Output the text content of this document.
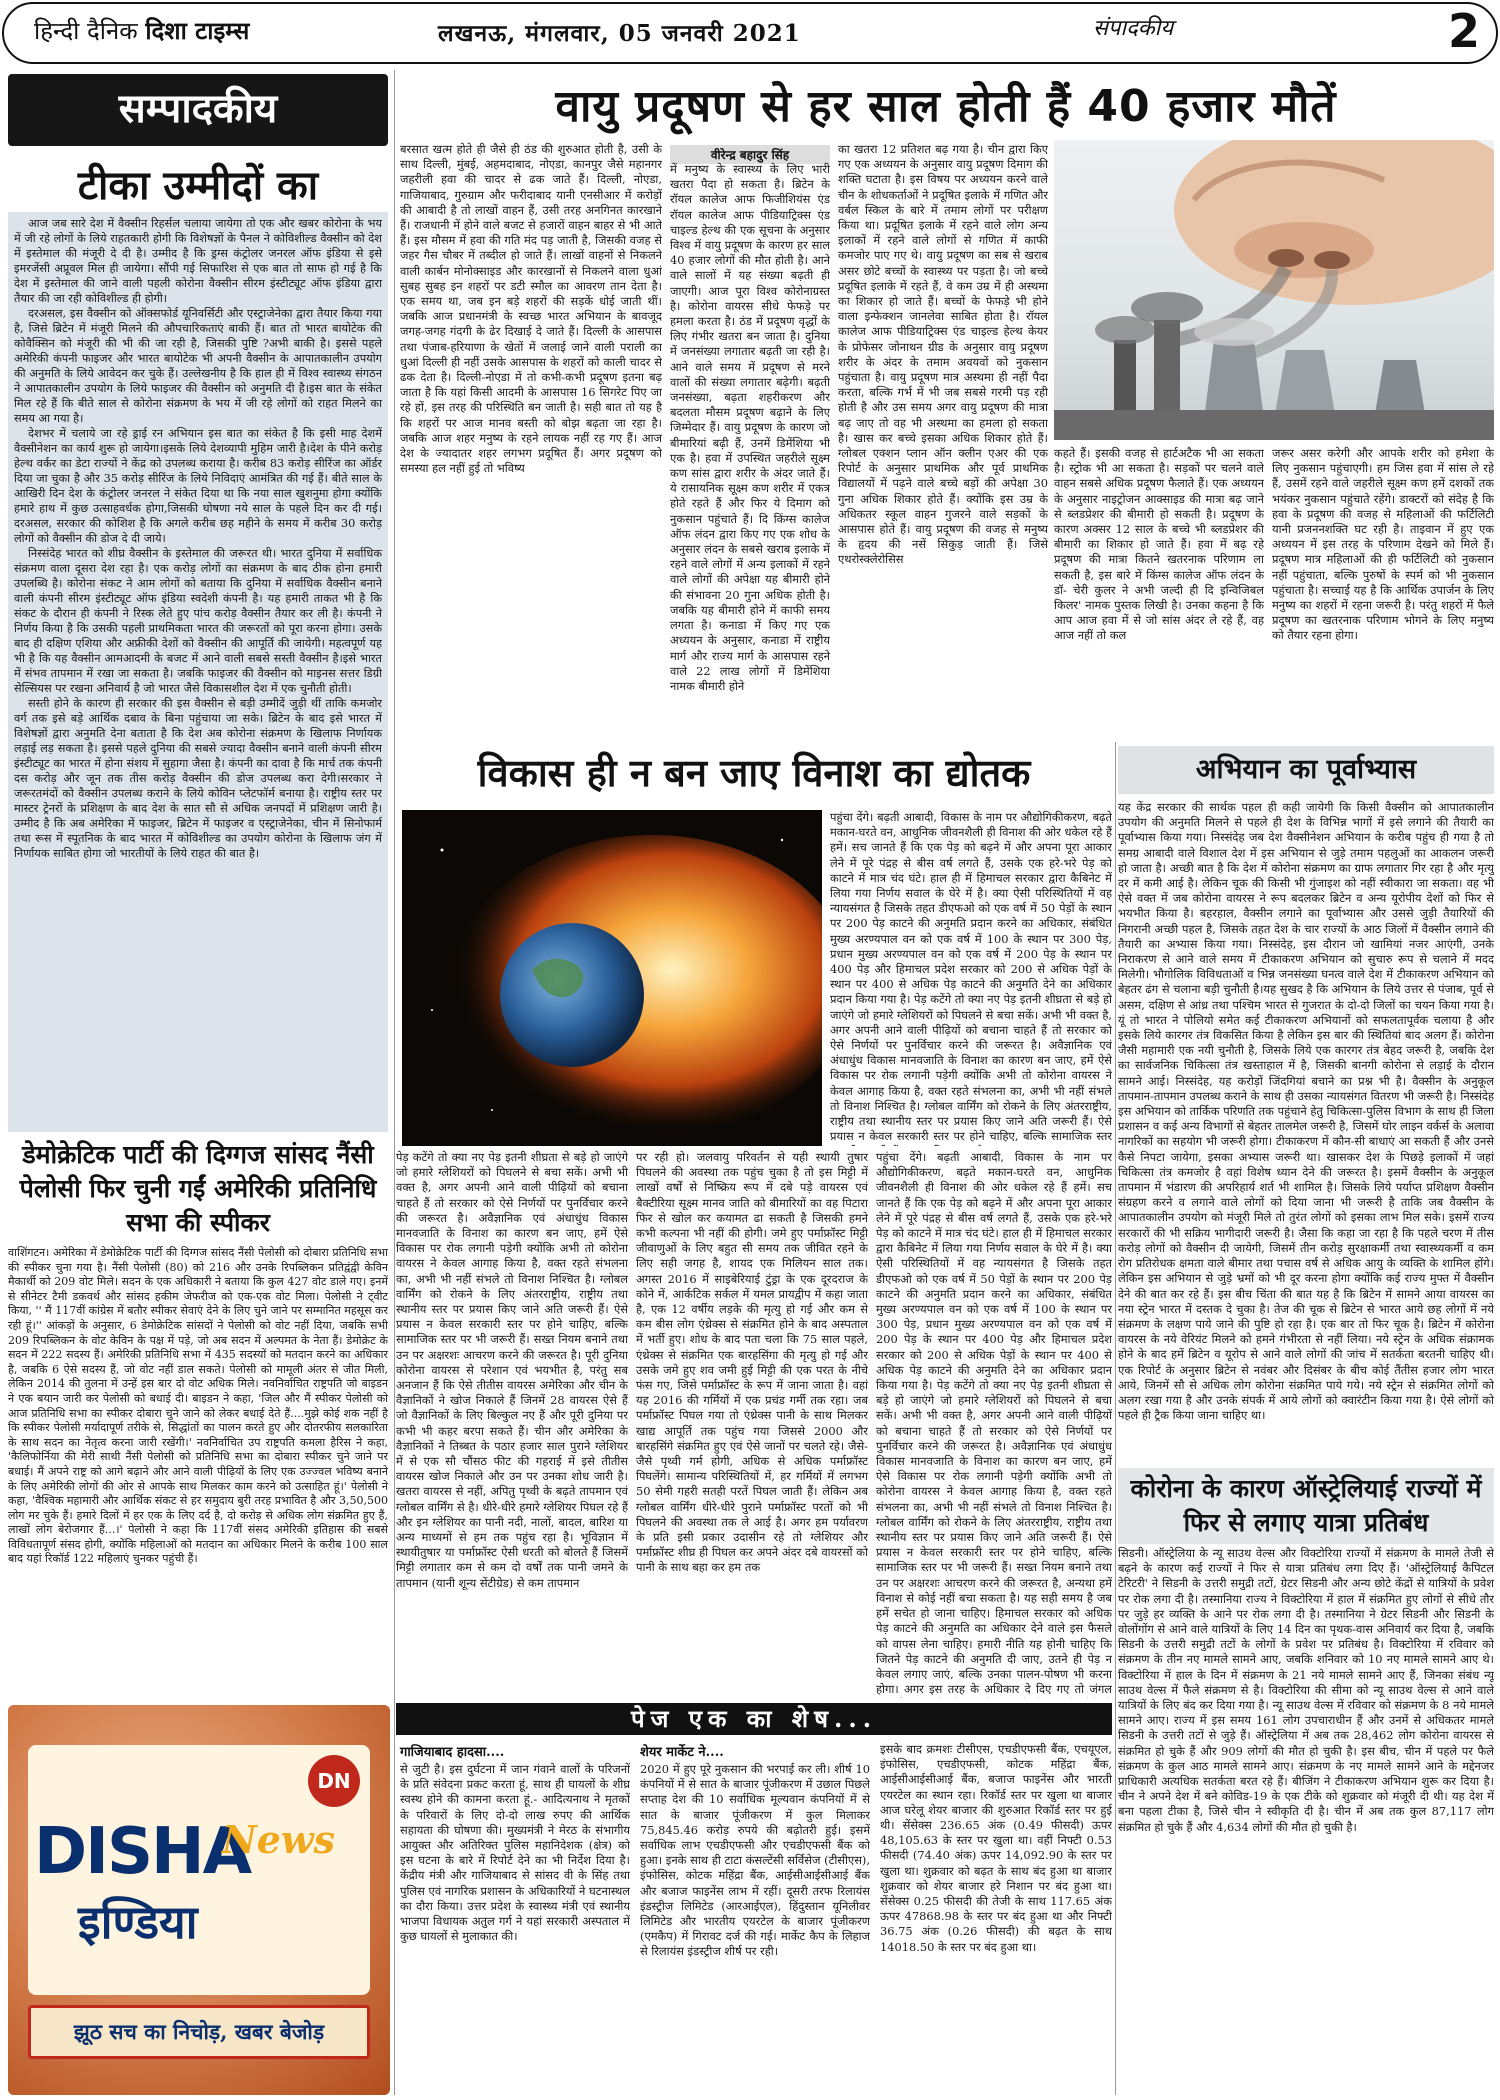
हिन्दी दैनिक दिशा टाइम्स	लखनऊ, मंगलवार, 05 जनवरी 2021	संपादकीय	2
सम्पादकीय	वायु प्रदूषण से हर साल होती हैं 40 हजार मौतें
टीका उम्मीदों का

आज जब सारे देश में वैक्सीन रिहर्सल चलाया जायेगा तो एक और खबर कोरोना के भय में जी रहे लोगों के लिये राहतकारी होगी कि विशेषज्ञों के पैनल ने कोविशील्ड वैक्सीन को देश में इस्तेमाल की मंजूरी दे दी है। उम्मीद है कि ड्रग्स कंट्रोलर जनरल ऑफ इंडिया से इसे इमरजेंसी अप्रूवल मिल ही जायेगा। सौंपी गई सिफारिश से एक बात तो साफ हो गई है कि देश में इस्तेमाल की जाने वाली पहली कोरोना वैक्सीन सीरम इंस्टीट्यूट ऑफ इंडिया द्वारा तैयार की जा रही कोविशील्ड ही होगी।

दरअसल, इस वैक्सीन को ऑक्सफोर्ड यूनिवर्सिटी और एस्ट्राजेनेका द्वारा तैयार किया गया है, जिसे ब्रिटेन में मंजूरी मिलने की औपचारिकताएं बाकी हैं। बात तो भारत बायोटेक की कोवैक्सिन को मंजूरी की भी की जा रही है, जिसकी पुष्टि ?अभी बाकी है। इससे पहले अमेरिकी कंपनी फाइजर और भारत बायोटेक भी अपनी वैक्सीन के आपातकालीन उपयोग की अनुमति के लिये आवेदन कर चुके हैं। उल्लेखनीय है कि हाल ही में विश्व स्वास्थ्य संगठन ने आपातकालीन उपयोग के लिये फाइजर की वैक्सीन को अनुमति दी है।इस बात के संकेत मिल रहे हैं कि बीते साल से कोरोना संक्रमण के भय में जी रहे लोगों को राहत मिलने का समय आ गया है।

देशभर में चलाये जा रहे ड्राई रन अभियान इस बात का संकेत है कि इसी माह देशमें वैक्सीनेशन का कार्य शुरू हो जायेगा।इसके लिये देशव्यापी मुहिम जारी है।देश के पीने करोड़ हेल्थ वर्कर का डेटा राज्यों ने केंद्र को उपलब्ध कराया है। करीब 83 करोड़ सीरिंज का ऑर्डर दिया जा चुका है और 35 करोड़ सीरिंज के लिये निविदाएं आमंत्रित की गई हैं। बीते साल के आखिरी दिन देश के कंट्रोलर जनरल ने संकेत दिया था कि नया साल खुशनुमा होगा क्योंकि हमारे हाथ में कुछ उत्साहवर्धक होगा,जिसकी घोषणा नये साल के पहले दिन कर दी गई। दरअसल, सरकार की कोशिश है कि अगले करीब छह महीने के समय में करीब 30 करोड़ लोगों को वैक्सीन की डोज दे दी जाये।

निस्संदेह भारत को शीघ्र वैक्सीन के इस्तेमाल की जरूरत थी। भारत दुनिया में सर्वाधिक संक्रमण वाला दूसरा देश रहा है। एक करोड़ लोगों का संक्रमण के बाद ठीक होना हमारी उपलब्धि है। कोरोना संकट ने आम लोगों को बताया कि दुनिया में सर्वाधिक वैक्सीन बनाने वाली कंपनी सीरम इंस्टीट्यूट ऑफ इंडिया स्वदेशी कंपनी है। यह हमारी ताकत भी है कि संकट के दौरान ही कंपनी ने रिस्क लेते हुए पांच करोड़ वैक्सीन तैयार कर ली है। कंपनी ने निर्णय किया है कि उसकी पहली प्राथमिकता भारत की जरूरतों को पूरा करना होगा। उसके बाद ही दक्षिण एशिया और अफ्रीकी देशों को वैक्सीन की आपूर्ति की जायेगी। महत्वपूर्ण यह भी है कि यह वैक्सीन आमआदमी के बजट में आने वाली सबसे सस्ती वैक्सीन है।इसे भारत में संभव तापमान में रखा जा सकता है। जबकि फाइजर की वैक्सीन को माइनस सत्तर डिग्री सेल्सियस पर रखना अनिवार्य है जो भारत जैसे विकासशील देश में एक चुनौती होती।

सस्ती होने के कारण ही सरकार की इस वैक्सीन से बड़ी उम्मीदें जुड़ी थीं ताकि कमजोर वर्ग तक इसे बड़े आर्थिक दबाव के बिना पहुंचाया जा सके। ब्रिटेन के बाद इसे भारत में विशेषज्ञों द्वारा अनुमति देना बताता है कि देश अब कोरोना संक्रमण के खिलाफ निर्णायक लड़ाई लड़ सकता है। इससे पहले दुनिया की सबसे ज्यादा वैक्सीन बनाने वाली कंपनी सीरम इंस्टीट्यूट का भारत में होना संशय में सुहागा जैसा है। कंपनी का दावा है कि मार्च तक कंपनी दस करोड़ और जून तक तीस करोड़ वैक्सीन की डोज उपलब्ध करा देगी।सरकार ने जरूरतमंदों को वैक्सीन उपलब्ध कराने के लिये कोविन प्लेटफॉर्म बनाया है। राष्ट्रीय स्तर पर मास्टर ट्रेनरों के प्रशिक्षण के बाद देश के सात सौ से अधिक जनपदों में प्रशिक्षण जारी है। उम्मीद है कि अब अमेरिका में फाइजर, ब्रिटेन में फाइजर व एस्ट्राजेनेका, चीन में सिनोफार्म तथा रूस में स्पूतनिक के बाद भारत में कोविशील्ड का उपयोग कोरोना के खिलाफ जंग में निर्णायक साबित होगा जो भारतीयों के लिये राहत की बात है।

वीरेन्द्र बहादुर सिंह
बरसात खत्म होते ही जैसे ही ठंड की शुरुआत होती है, उसी के साथ दिल्ली, मुंबई, अहमदाबाद, नोएडा, कानपुर जैसे महानगर जहरीली हवा की चादर से ढक जाते हैं। दिल्ली, नोएडा, गाजियाबाद, गुरुग्राम और फरीदाबाद यानी एनसीआर में करोड़ों की आबादी है तो लाखों वाहन हैं, उसी तरह अनगिनत कारखाने हैं। राजधानी में होने वाले बजट से हजारों वाहन बाहर से भी आते हैं। इस मौसम में हवा की गति मंद पड़ जाती है, जिसकी वजह से जहर गैस चौबर में तब्दील हो जाते हैं। लाखों वाहनों से निकलने वाली कार्बन मोनोक्साइड और कारखानों से निकलने वाला धुआं सुबह सुबह इन शहरों पर डटी स्मौल का आवरण तान देता है। एक समय था, जब इन बड़े शहरों की सड़कें धोई जाती थीं। जबकि आज प्रधानमंत्री के स्वच्छ भारत अभियान के बावजूद जगह-जगह गंदगी के ढेर दिखाई दे जाते हैं। दिल्ली के आसपास तथा पंजाब-हरियाणा के खेतों में जलाई जाने वाली पराली का धुआं दिल्ली ही नहीं उसके आसपास के शहरों को काली चादर से ढक देता है। दिल्ली-नोएडा में तो कभी-कभी प्रदूषण इतना बढ़ जाता है कि यहां किसी आदमी के आसपास 16 सिगरेट पिए जा रहे हों, इस तरह की परिस्थिति बन जाती है। सही बात तो यह है कि शहरों पर आज मानव बस्ती को बोझ बढ़ता जा रहा है। जबकि आज शहर मनुष्य के रहने लायक नहीं रह गए हैं। आज देश के ज्यादातर शहर लगभग प्रदूषित हैं। अगर प्रदूषण को समस्या हल नहीं हुई तो भविष्य
में मनुष्य के स्वास्थ्य के लिए भारी खतरा पैदा हो सकता है। ब्रिटेन के रॉयल कालेज आफ फिजीशियंस एंड रॉयल कालेज आफ पीडियाट्रिक्स एंड चाइल्ड हेल्थ की एक सूचना के अनुसार विश्व में वायु प्रदूषण के कारण हर साल 40 हजार लोगों की मौत होती है। आने वाले सालों में यह संख्या बढ़ती ही जाएगी। आज पूरा विश्व कोरोनाग्रस्त है। कोरोना वायरस सीधे फेफड़े पर हमला करता है। ठंड में प्रदूषण वृद्धों के लिए गंभीर खतरा बन जाता है। दुनिया में जनसंख्या लगातार बढ़ती जा रही है। आने वाले समय में प्रदूषण से मरने वालों की संख्या लगातार बढ़ेगी। बढ़ती जनसंख्या, बढ़ता शहरीकरण और बदलता मौसम प्रदूषण बढ़ाने के लिए जिम्मेदार हैं। वायु प्रदूषण के कारण जो बीमारियां बढ़ी हैं, उनमें डिमेंशिया भी एक है। हवा में उपस्थित जहरीले सूक्ष्म कण सांस द्वारा शरीर के अंदर जाते हैं। ये रासायनिक सूक्ष्म कण शरीर में एकत्र होते रहते हैं और फिर ये दिमाग को नुकसान पहुंचाते हैं। दि किंग्स कालेज ऑफ लंदन द्वारा किए गए एक शोध के अनुसार लंदन के सबसे खराब इलाके में रहने वाले लोगों में अन्य इलाकों में रहने वाले लोगों की अपेक्षा यह बीमारी होने की संभावना 20 गुना अधिक होती है। जबकि यह बीमारी होने में काफी समय लगता है। कनाडा में किए गए एक अध्ययन के अनुसार, कनाडा में राष्ट्रीय मार्ग और राज्य मार्ग के आसपास रहने वाले 22 लाख लोगों में डिमेंशिया नामक बीमारी होने
का खतरा 12 प्रतिशत बढ़ गया है। चीन द्वारा किए गए एक अध्ययन के अनुसार वायु प्रदूषण दिमाग की शक्ति घटाता है। इस विषय पर अध्ययन करने वाले चीन के शोधकर्ताओं ने प्रदूषित इलाके में गणित और वर्बल स्किल के बारे में तमाम लोगों पर परीक्षण किया था। प्रदूषित इलाके में रहने वाले लोग अन्य इलाकों में रहने वाले लोगों से गणित में काफी कमजोर पाए गए थे। वायु प्रदूषण का सब से खराब असर छोटे बच्चों के स्वास्थ्य पर पड़ता है। जो बच्चे प्रदूषित इलाके में रहते हैं, वे कम उम्र में ही अस्थमा का शिकार हो जाते हैं। बच्चों के फेफड़े भी होने वाला इन्फेक्शन जानलेवा साबित होता है। रॉयल कालेज आफ पीडियाट्रिक्स एंड चाइल्ड हेल्थ केयर के प्रोफेसर जोनाथन ग्रीड के अनुसार वायु प्रदूषण शरीर के अंदर के तमाम अवयवों को नुकसान पहुंचाता है। वायु प्रदूषण मात्र अस्थमा ही नहीं पैदा करता, बल्कि गर्भ में भी जब सबसे गरमी पड़ रही होती है और उस समय अगर वायु प्रदूषण की मात्रा बढ़ जाए तो वह भी अस्थमा का हमला हो सकता है। खास कर बच्चे इसका अधिक शिकार होते हैं। ग्लोबल एक्शन प्लान ऑन क्लीन एअर की एक रिपोर्ट के अनुसार प्राथमिक और पूर्व प्राथमिक विद्यालयों में पढ़ने वाले बच्चे बड़ों की अपेक्षा 30 गुना अधिक शिकार होते हैं। क्योंकि इस उम्र के अधिकतर स्कूल वाहन गुजरने वाले सड़कों के आसपास होते हैं। वायु प्रदूषण की वजह से मनुष्य के हृदय की नसें सिकुड़ जाती हैं। जिसे एथरोस्क्लेरोसिस
कहते हैं। इसकी वजह से हार्टअटैक भी आ सकता है। स्ट्रोक भी आ सकता है। सड़कों पर चलने वाले वाहन सबसे अधिक प्रदूषण फैलाते हैं। एक अध्ययन के अनुसार नाइट्रोजन आक्साइड की मात्रा बढ़ जाने से ब्लडप्रेशर की बीमारी हो सकती है। प्रदूषण के कारण अक्सर 12 साल के बच्चे भी ब्लडप्रेशर की बीमारी का शिकार हो जाते हैं। हवा में बढ़ रहे प्रदूषण की मात्रा कितने खतरनाक परिणाम ला सकती है, इस बारे में किंग्स कालेज ऑफ लंदन के डॉ- चेरी कुलर ने अभी जल्दी ही दि इन्विजिबल किलर' नामक पुस्तक लिखी है। उनका कहना है कि आप आज हवा में से जो सांस अंदर ले रहे हैं, वह आज नहीं तो कल
जरूर असर करेगी और आपके शरीर को हमेशा के लिए नुकसान पहुंचाएगी। हम जिस हवा में सांस ले रहे हैं, उसमें रहने वाले जहरीले सूक्ष्म कण हमें दशकों तक भयंकर नुकसान पहुंचाते रहेंगे। डाक्टरों को संदेह है कि हवा के प्रदूषण की वजह से महिलाओं की फर्टिलिटी यानी प्रजननशक्ति घट रही है। ताइवान में हुए एक अध्ययन में इस तरह के परिणाम देखने को मिले हैं। प्रदूषण मात्र महिलाओं की ही फर्टिलिटी को नुकसान नहीं पहुंचाता, बल्कि पुरुषों के स्पर्म को भी नुकसान पहुंचाता है। सच्चाई यह है कि आर्थिक उपार्जन के लिए मनुष्य का शहरों में रहना जरूरी है। परंतु शहरों में फैले प्रदूषण का खतरनाक परिणाम भोगने के लिए मनुष्य को तैयार रहना होगा।
विकास ही न बन जाए विनाश का द्योतक
पहुंचा देंगे। बढ़ती आबादी, विकास के नाम पर औद्योगिकीकरण, बढ़ते मकान-घरते वन, आधुनिक जीवनशैली ही विनाश की ओर धकेल रहे हैं हमें। सच जानते हैं कि एक पेड़ को बढ़ने में और अपना पूरा आकार लेने में पूरे पंद्रह से बीस वर्ष लगते हैं, उसके एक हरे-भरे पेड़ को काटने में मात्र चंद घंटे। हाल ही में हिमाचल सरकार द्वारा कैबिनेट में लिया गया निर्णय सवाल के घेरे में है। क्या ऐसी परिस्थितियों में वह न्यायसंगत है जिसके तहत डीएफओ को एक वर्ष में 50 पेड़ों के स्थान पर 200 पेड़ काटने की अनुमति प्रदान करने का अधिकार, संबंधित मुख्य अरण्यपाल वन को एक वर्ष में 100 के स्थान पर 300 पेड़, प्रधान मुख्य अरण्यपाल वन को एक वर्ष में 200 पेड़ के स्थान पर 400 पेड़ और हिमाचल प्रदेश सरकार को 200 से अधिक पेड़ों के स्थान पर 400 से अधिक पेड़ काटने की अनुमति देने का अधिकार प्रदान किया गया है। पेड़ कटेंगे तो क्या नए पेड़ इतनी शीघ्रता से बड़े हो जाएंगे जो हमारे ग्लेशियरों को पिघलने से बचा सकें। अभी भी वक्त है, अगर अपनी आने वाली पीढ़ियों को बचाना चाहते हैं तो सरकार को ऐसे निर्णयों पर पुनर्विचार करने की जरूरत है। अवैज्ञानिक एवं अंधाधुंध विकास मानवजाति के विनाश का कारण बन जाए, हमें ऐसे विकास पर रोक लगानी पड़ेगी क्योंकि अभी तो कोरोना वायरस ने केवल आगाह किया है, वक्त रहते संभलना का, अभी भी नहीं संभले तो विनाश निश्चित है। ग्लोबल वार्मिंग को रोकने के लिए अंतरराष्ट्रीय, राष्ट्रीय तथा स्थानीय स्तर पर प्रयास किए जाने अति जरूरी हैं। ऐसे प्रयास न केवल सरकारी स्तर पर होने चाहिए, बल्कि सामाजिक स्तर
पेड़ कटेंगे तो क्या नए पेड़ इतनी शीघ्रता से बड़े हो जाएंगे जो हमारे ग्लेशियरों को पिघलने से बचा सकें। अभी भी वक्त है, अगर अपनी आने वाली पीढ़ियों को बचाना चाहते हैं तो सरकार को ऐसे निर्णयों पर पुनर्विचार करने की जरूरत है। अवैज्ञानिक एवं अंधाधुंध विकास मानवजाति के विनाश का कारण बन जाए, हमें ऐसे विकास पर रोक लगानी पड़ेगी क्योंकि अभी तो कोरोना वायरस ने केवल आगाह किया है, वक्त रहते संभलना का, अभी भी नहीं संभले तो विनाश निश्चित है। ग्लोबल वार्मिंग को रोकने के लिए अंतरराष्ट्रीय, राष्ट्रीय तथा स्थानीय स्तर पर प्रयास किए जाने अति जरूरी हैं। ऐसे प्रयास न केवल सरकारी स्तर पर होने चाहिए, बल्कि सामाजिक स्तर पर भी जरूरी हैं। सख्त नियम बनाने तथा उन पर अक्षरशः आचरण करने की जरूरत है। पूरी दुनिया कोरोना वायरस से परेशान एवं भयभीत है, परंतु सब अनजान हैं कि ऐसे तीतीस वायरस अमेरिका और चीन के वैज्ञानिकों ने खोज निकाले हैं जिनमें 28 वायरस ऐसे हैं जो वैज्ञानिकों के लिए बिल्कुल नए हैं और पूरी दुनिया पर कभी भी कहर बरपा सकते हैं। चीन और अमेरिका के वैज्ञानिकों ने तिब्बत के पठार हजार साल पुराने ग्लेशियर में से एक सौ चौंसठ फीट की गहराई में इसे तीतीस वायरस खोज निकाले और उन पर उनका शोध जारी है। खतरा वायरस से नहीं, अपितु पृथ्वी के बढ़ते तापमान एवं ग्लोबल वार्मिंग से है। धीरे-धीरे हमारे ग्लेशियर पिघल रहे हैं और इन ग्लेशियर का पानी नदी, नालों, बादल, बारिश या अन्य माध्यमों से हम तक पहुंच रहा है। भूविज्ञान में स्थायीतुषार या पर्माफ्रॉस्ट ऐसी धरती को बोलते हैं जिसमें मिट्टी लगातार कम से कम दो वर्षों तक पानी जमने के तापमान (यानी शून्य सेंटीग्रेड) से कम तापमान
पर रही हो। जलवायु परिवर्तन से यही स्थायी तुषार पिघलने की अवस्था तक पहुंच चुका है तो इस मिट्टी में लाखों वर्षों से निष्क्रिय रूप में दबे पड़े वायरस एवं बैक्टीरिया सूक्ष्म मानव जाति को बीमारियों का वह पिटारा फिर से खोल कर कयामत ढा सकती है जिसकी हमने कभी कल्पना भी नहीं की होगी। जमे हुए पर्माफ्रॉस्ट मिट्टी जीवाणुओं के लिए बहुत सी समय तक जीवित रहने के लिए सही जगह है, शायद एक मिलियन साल तक। अगस्त 2016 में साइबेरियाई टुंड्रा के एक दूरदराज के कोने में, आर्कटिक सर्कल में यमल प्रायद्वीप में कहा जाता है, एक 12 वर्षीय लड़के की मृत्यु हो गई और कम से कम बीस लोग एंथ्रेक्स से संक्रमित होने के बाद अस्पताल में भर्ती हुए। शोध के बाद पता चला कि 75 साल पहले, एंथ्रेक्स से संक्रमित एक बारहसिंगा की मृत्यु हो गई और उसके जमे हुए शव जमी हुई मिट्टी की एक परत के नीचे फंस गए, जिसे पर्माफ्रॉस्ट के रूप में जाना जाता है। वहां यह 2016 की गर्मियों में एक प्रचंड गर्मी तक रहा। जब पर्माफ्रॉस्ट पिघल गया तो एंथ्रेक्स पानी के साथ मिलकर खाद्य आपूर्ति तक पहुंच गया जिससे 2000 और बारहसिंगे संक्रमित हुए एवं ऐसे जानों पर चलते रहे। जैसे-जैसे पृथ्वी गर्म होगी, अधिक से अधिक पर्माफ्रॉस्ट पिघलेंगे। सामान्य परिस्थितियों में, हर गर्मियों में लगभग 50 सेमी गहरी सतही परतें पिघल जाती हैं। लेकिन अब ग्लोबल वार्मिंग धीरे-धीरे पुराने पर्माफ्रॉस्ट परतों को भी पिघलने की अवस्था तक ले आई है। अगर हम पर्यावरण के प्रति इसी प्रकार उदासीन रहे तो ग्लेशियर और पर्माफ्रॉस्ट शीघ्र ही पिघल कर अपने अंदर दबे वायरसों को पानी के साथ बहा कर हम तक
पहुंचा देंगे। बढ़ती आबादी, विकास के नाम पर औद्योगिकीकरण, बढ़ते मकान-घरते वन, आधुनिक जीवनशैली ही विनाश की ओर धकेल रहे हैं हमें। सच जानते हैं कि एक पेड़ को बढ़ने में और अपना पूरा आकार लेने में पूरे पंद्रह से बीस वर्ष लगते हैं, उसके एक हरे-भरे पेड़ को काटने में मात्र चंद घंटे। हाल ही में हिमाचल सरकार द्वारा कैबिनेट में लिया गया निर्णय सवाल के घेरे में है। क्या ऐसी परिस्थितियों में वह न्यायसंगत है जिसके तहत डीएफओ को एक वर्ष में 50 पेड़ों के स्थान पर 200 पेड़ काटने की अनुमति प्रदान करने का अधिकार, संबंधित मुख्य अरण्यपाल वन को एक वर्ष में 100 के स्थान पर 300 पेड़, प्रधान मुख्य अरण्यपाल वन को एक वर्ष में 200 पेड़ के स्थान पर 400 पेड़ और हिमाचल प्रदेश सरकार को 200 से अधिक पेड़ों के स्थान पर 400 से अधिक पेड़ काटने की अनुमति देने का अधिकार प्रदान किया गया है। पेड़ कटेंगे तो क्या नए पेड़ इतनी शीघ्रता से बड़े हो जाएंगे जो हमारे ग्लेशियरों को पिघलने से बचा सकें। अभी भी वक्त है, अगर अपनी आने वाली पीढ़ियों को बचाना चाहते हैं तो सरकार को ऐसे निर्णयों पर पुनर्विचार करने की जरूरत है। अवैज्ञानिक एवं अंधाधुंध विकास मानवजाति के विनाश का कारण बन जाए, हमें ऐसे विकास पर रोक लगानी पड़ेगी क्योंकि अभी तो कोरोना वायरस ने केवल आगाह किया है, वक्त रहते संभलना का, अभी भी नहीं संभले तो विनाश निश्चित है। ग्लोबल वार्मिंग को रोकने के लिए अंतरराष्ट्रीय, राष्ट्रीय तथा स्थानीय स्तर पर प्रयास किए जाने अति जरूरी हैं। ऐसे प्रयास न केवल सरकारी स्तर पर होने चाहिए, बल्कि सामाजिक स्तर पर भी जरूरी हैं। सख्त नियम बनाने तथा उन पर अक्षरशः आचरण करने की जरूरत है, अन्यथा हमें विनाश से कोई नहीं बचा सकता है। यह सही समय है जब हमें सचेत हो जाना चाहिए। हिमाचल सरकार को अधिक पेड़ काटने की अनुमति का अधिकार देने वाले इस फैसले को वापस लेना चाहिए। हमारी नीति यह होनी चाहिए कि जितने पेड़ काटने की अनुमति दी जाए, उतने ही पेड़ न केवल लगाए जाएं, बल्कि उनका पालन-पोषण भी करना होगा। अगर इस तरह के अधिकार दे दिए गए तो जंगल
अभियान का पूर्वाभ्यास
यह केंद्र सरकार की सार्थक पहल ही कही जायेगी कि किसी वैक्सीन को आपातकालीन उपयोग की अनुमति मिलने से पहले ही देश के विभिन्न भागों में इसे लगाने की तैयारी का पूर्वाभ्यास किया गया। निस्संदेह जब देश वैक्सीनेशन अभियान के करीब पहुंच ही गया है तो समग्र आबादी वाले विशाल देश में इस अभियान से जुड़े तमाम पहलुओं का आकलन जरूरी हो जाता है। अच्छी बात है कि देश में कोरोना संक्रमण का ग्राफ लगातार गिर रहा है और मृत्यु दर में कमी आई है। लेकिन चूक की किसी भी गुंजाइश को नहीं स्वीकारा जा सकता। वह भी ऐसे वक्त में जब कोरोना वायरस ने रूप बदलकर ब्रिटेन व अन्य यूरोपीय देशों को फिर से भयभीत किया है। बहरहाल, वैक्सीन लगाने का पूर्वाभ्यास और उससे जुड़ी तैयारियों की निगरानी अच्छी पहल है, जिसके तहत देश के चार राज्यों के आठ जिलों में वैक्सीन लगाने की तैयारी का अभ्यास किया गया। निस्संदेह, इस दौरान जो खामियां नजर आएंगी, उनके निराकरण से आने वाले समय में टीकाकरण अभियान को सुचारु रूप से चलाने में मदद मिलेगी। भौगोलिक विविधताओं व भिन्न जनसंख्या घनत्व वाले देश में टीकाकरण अभियान को बेहतर ढंग से चलाना बड़ी चुनौती है।यह सुखद है कि अभियान के लिये उत्तर से पंजाब, पूर्व से असम, दक्षिण से आंध्र तथा पश्चिम भारत से गुजरात के दो-दो जिलों का चयन किया गया है। यूं तो भारत ने पोलियो समेत कई टीकाकरण अभियानों को सफलतापूर्वक चलाया है और इसके लिये कारगर तंत्र विकसित किया है लेकिन इस बार की स्थितियां बाद अलग हैं। कोरोना जैसी महामारी एक नयी चुनौती है, जिसके लिये एक कारगर तंत्र बेहद जरूरी है, जबकि देश का सार्वजनिक चिकित्सा तंत्र खस्ताहाल में है, जिसकी बानगी कोरोना से लड़ाई के दौरान सामने आई। निस्संदेह, यह करोड़ों जिंदगियां बचाने का प्रश्न भी है। वैक्सीन के अनुकूल तापमान-तापमान उपलब्ध कराने के साथ ही उसका न्यायसंगत वितरण भी जरूरी है। निस्संदेह इस अभियान को तार्किक परिणति तक पहुंचाने हेतु चिकित्सा-पुलिस विभाग के साथ ही जिला प्रशासन व कई अन्य विभागों से बेहतर तालमेल जरूरी है, जिसमें घोर लाइन वर्कर्स के अलावा नागरिकों का सहयोग भी जरूरी होगा। टीकाकरण में कौन-सी बाधाएं आ सकती हैं और उनसे कैसे निपटा जायेगा, इसका अभ्यास जरूरी था। खासकर देश के पिछड़े इलाकों में जहां चिकित्सा तंत्र कमजोर है वहां विशेष ध्यान देने की जरूरत है। इसमें वैक्सीन के अनुकूल तापमान में भंडारण की अपरिहार्य शर्त भी शामिल है। जिसके लिये पर्याप्त प्रशिक्षण वैक्सीन संग्रहण करने व लगाने वाले लोगों को दिया जाना भी जरूरी है ताकि जब वैक्सीन के आपातकालीन उपयोग को मंजूरी मिले तो तुरंत लोगों को इसका लाभ मिल सके। इसमें राज्य सरकारों की भी सक्रिय भागीदारी जरूरी है। जैसा कि कहा जा रहा है कि पहले चरण में तीस करोड़ लोगों को वैक्सीन दी जायेगी, जिसमें तीन करोड़ सुरक्षाकर्मी तथा स्वास्थ्यकर्मी व कम रोग प्रतिरोधक क्षमता वाले बीमार तथा पचास वर्ष से अधिक आयु के व्यक्ति के शामिल होंगे। लेकिन इस अभियान से जुड़े भ्रमों को भी दूर करना होगा क्योंकि कई राज्य मुफ्त में वैक्सीन देने की बात कर रहे हैं। इस बीच चिंता की बात यह है कि ब्रिटेन में सामने आया वायरस का नया स्ट्रेन भारत में दस्तक दे चुका है। तेज की चूक से ब्रिटेन से भारत आये छह लोगों में नये संक्रमण के लक्षण पाये जाने की पुष्टि हो रहा है। एक बार तो फिर चूक है। ब्रिटेन में कोरोना वायरस के नये वेरियंट मिलने को हमने गंभीरता से नहीं लिया। नये स्ट्रेन के अधिक संक्रामक होने के बाद हमें ब्रिटेन व यूरोप से आने वाले लोगों की जांच में सतर्कता बरतनी चाहिए थी।एक रिपोर्ट के अनुसार ब्रिटेन से नवंबर और दिसंबर के बीच कोई तैंतीस हजार लोग भारत आये, जिनमें सौ से अधिक लोग कोरोना संक्रमित पाये गये। नये स्ट्रेन से संक्रमित लोगों को अलग रखा गया है और उनके संपर्क में आये लोगों को क्वारंटीन किया गया है। ऐसे लोगों को पहले ही ट्रैक किया जाना चाहिए था।
कोरोना के कारण ऑस्ट्रेलियाई राज्यों में फिर से लगाए यात्रा प्रतिबंध
सिडनी। ऑस्ट्रेलिया के न्यू साउथ वेल्स और विक्टोरिया राज्यों में संक्रमण के मामले तेजी से बढ़ने के कारण कई राज्यों ने फिर से यात्रा प्रतिबंध लगा दिए हैं। 'ऑस्ट्रेलियाई कैपिटल टेरिटरी' ने सिडनी के उत्तरी समुद्री तटों, ग्रेटर सिडनी और अन्य छोटे केंद्रों से यात्रियों के प्रवेश पर रोक लगा दी है। तस्मानिया राज्य ने विक्टोरिया में हाल में संक्रमित हुए लोगों से सीधे तौर पर जुड़े हर व्यक्ति के आने पर रोक लगा दी है। तस्मानिया ने ग्रेटर सिडनी और सिडनी के वोलोंगोंग से आने वाले यात्रियों के लिए 14 दिन का पृथक-वास अनिवार्य कर दिया है, जबकि सिडनी के उत्तरी समुद्री तटों के लोगों के प्रवेश पर प्रतिबंध है। विक्टोरिया में रविवार को संक्रमण के तीन नए मामले सामने आए, जबकि शनिवार को 10 नए मामले सामने आए थे। विक्टोरिया में हाल के दिन में संक्रमण के 21 नये मामले सामने आए हैं, जिनका संबंध न्यू साउथ वेल्स में फैले संक्रमण से है। विक्टोरिया की सीमा को न्यू साउथ वेल्स से आने वाले यात्रियों के लिए बंद कर दिया गया है। न्यू साउथ वेल्स में रविवार को संक्रमण के 8 नये मामले सामने आए। राज्य में इस समय 161 लोग उपचाराधीन हैं और उनमें से अधिकतर मामले सिडनी के उत्तरी तटों से जुड़े हैं। ऑस्ट्रेलिया में अब तक 28,462 लोग कोरोना वायरस से संक्रमित हो चुके हैं और 909 लोगों की मौत हो चुकी है। इस बीच, चीन में पहले पर फैले संक्रमण के कुल आठ मामले सामने आए। संक्रमण के नए मामले सामने आने के मद्देनजर प्राधिकारी अत्यधिक सतर्कता बरत रहे हैं। बीजिंग ने टीकाकरण अभियान शुरू कर दिया है। चीन ने अपने देश में बने कोविड-19 के एक टीके को शुक्रवार को मंजूरी दी थी। यह देश में बना पहला टीका है, जिसे चीन ने स्वीकृति दी है। चीन में अब तक कुल 87,117 लोग संक्रमित हो चुके हैं और 4,634 लोगों की मौत हो चुकी है।
डेमोक्रेटिक पार्टी की दिग्गज सांसद नैंसी पेलोसी फिर चुनी गईं अमेरिकी प्रतिनिधि सभा की स्पीकर
वाशिंगटन। अमेरिका में डेमोक्रेटिक पार्टी की दिग्गज सांसद नैंसी पेलोसी को दोबारा प्रतिनिधि सभा की स्पीकर चुना गया है। नैंसी पेलोसी (80) को 216 और उनके रिपब्लिकन प्रतिद्वंद्वी केविन मैकार्थी को 209 वोट मिले। सदन के एक अधिकारी ने बताया कि कुल 427 वोट डाले गए। इनमें से सीनेटर टैमी डकवर्थ और सांसद हकीम जेफरीज को एक-एक वोट मिला। पेलोसी ने ट्वीट किया, '' मैं 117वीं कांग्रेस में बतौर स्पीकर सेवाएं देने के लिए चुने जाने पर सम्मानित महसूस कर रही हूं।'' आंकड़ों के अनुसार, 6 डेमोक्रेटिक सांसदों ने पेलोसी को वोट नहीं दिया, जबकि सभी 209 रिपब्लिकन के वोट केविन के पक्ष में पड़े, जो अब सदन में अल्पमत के नेता हैं। डेमोक्रेट के सदन में 222 सदस्य हैं। अमेरिकी प्रतिनिधि सभा में 435 सदस्यों को मतदान करने का अधिकार है, जबकि 6 ऐसे सदस्य हैं, जो वोट नहीं डाल सकते। पेलोसी को मामूली अंतर से जीत मिली, लेकिन 2014 की तुलना में उन्हें इस बार दो वोट अधिक मिले। नवनिर्वाचित राष्ट्रपति जो बाइडन ने एक बयान जारी कर पेलोसी को बधाई दी। बाइडन ने कहा, 'जिल और मैं स्पीकर पेलोसी को आज प्रतिनिधि सभा का स्पीकर दोबारा चुने जाने को लेकर बधाई देते हैं....मुझे कोई शक नहीं है कि स्पीकर पेलोसी मर्यादापूर्ण तरीके से, सिद्धांतों का पालन करते हुए और दोतरफीय सलकारिता के साथ सदन का नेतृत्व करना जारी रखेंगी।' नवनिर्वाचित उप राष्ट्रपति कमला हैरिस ने कहा, 'कैलिफोर्निया की मेरी साथी नैंसी पेलोसी को प्रतिनिधि सभा का दोबारा स्पीकर चुने जाने पर बधाई। मैं अपने राष्ट्र को आगे बढ़ाने और आने वाली पीढ़ियों के लिए एक उज्ज्वल भविष्य बनाने के लिए अमेरिकी लोगों की ओर से आपके साथ मिलकर काम करने को उत्साहित हूं।' पेलोसी ने कहा, 'वैश्विक महामारी और आर्थिक संकट से हर समुदाय बुरी तरह प्रभावित है और 3,50,500 लोग मर चुके हैं। हमारे दिलों में हर एक के लिए दर्द है, दो करोड़ से अधिक लोग संक्रमित हुए हैं, लाखों लोग बेरोजगार हैं...।' पेलोसी ने कहा कि 117वीं संसद अमेरिकी इतिहास की सबसे विविधतापूर्ण संसद होगी, क्योंकि महिलाओं को मतदान का अधिकार मिलने के करीब 100 साल बाद यहां रिकॉर्ड 122 महिलाएं चुनकर पहुंची हैं।
पेज एक का शेष...
गाजियाबाद हादसा....
से जुटी है। इस दुर्घटना में जान गंवाने वालों के परिजनों के प्रति संवेदना प्रकट करता हूं, साथ ही घायलों के शीघ्र स्वस्थ होने की कामना करता हूं.- आदित्यनाथ ने मृतकों के परिवारों के लिए दो-दो लाख रुपए की आर्थिक सहायता की घोषणा की। मुख्यमंत्री ने मेरठ के संभागीय आयुक्त और अतिरिक्त पुलिस महानिदेशक (क्षेत्र) को इस घटना के बारे में रिपोर्ट देने का भी निर्देश दिया है। केंद्रीय मंत्री और गाजियाबाद से सांसद वी के सिंह तथा पुलिस एवं नागरिक प्रशासन के अधिकारियों ने घटनास्थल का दौरा किया। उत्तर प्रदेश के स्वास्थ्य मंत्री एवं स्थानीय भाजपा विधायक अतुल गर्ग ने यहां सरकारी अस्पताल में कुछ घायलों से मुलाकात की।
शेयर मार्केट ने....
2020 में हुए पूरे नुकसान की भरपाई कर ली। शीर्ष 10 कंपनियों में से सात के बाजार पूंजीकरण में उछाल पिछले सप्ताह देश की 10 सर्वाधिक मूल्यवान कंपनियों में से सात के बाजार पूंजीकरण में कुल मिलाकर 75,845.46 करोड़ रुपये की बढ़ोतरी हुई। इसमें सर्वाधिक लाभ एचडीएफसी और एचडीएफसी बैंक को हुआ। इनके साथ ही टाटा कंसल्टेंसी सर्विसेज (टीसीएस), इंफोसिस, कोटक महिंद्रा बैंक, आईसीआईसीआई बैंक और बजाज फाइनेंस लाभ में रहीं। दूसरी तरफ रिलायंस इंडस्ट्रीज लिमिटेड (आरआईएल), हिंदुस्तान यूनिलीवर लिमिटेड और भारतीय एयरटेल के बाजार पूंजीकरण (एमकैप) में गिरावट दर्ज की गई। मार्केट कैप के लिहाज से रिलायंस इंडस्ट्रीज शीर्ष पर रही।
इसके बाद क्रमशः टीसीएस, एचडीएफसी बैंक, एचयूएल, इंफोसिस, एचडीएफसी, कोटक महिंद्रा बैंक, आईसीआईसीआई बैंक, बजाज फाइनेंस और भारती एयरटेल का स्थान रहा। रिकॉर्ड स्तर पर खुला था बाजार आज घरेलू शेयर बाजार की शुरुआत रिकॉर्ड स्तर पर हुई थी। सेंसेक्स 236.65 अंक (0.49 फीसदी) ऊपर 48,105.63 के स्तर पर खुला था। वहीं निफ्टी 0.53 फीसदी (74.40 अंक) ऊपर 14,092.90 के स्तर पर खुला था। शुक्रवार को बढ़त के साथ बंद हुआ था बाजार शुक्रवार को शेयर बाजार हरे निशान पर बंद हुआ था। सेंसेक्स 0.25 फीसदी की तेजी के साथ 117.65 अंक ऊपर 47868.98 के स्तर पर बंद हुआ था और निफ्टी 36.75 अंक (0.26 फीसदी) की बढ़त के साथ 14018.50 के स्तर पर बंद हुआ था।
DN
DISHA
News
इण्डिया
झूठ सच का निचोड़, खबर बेजोड़
